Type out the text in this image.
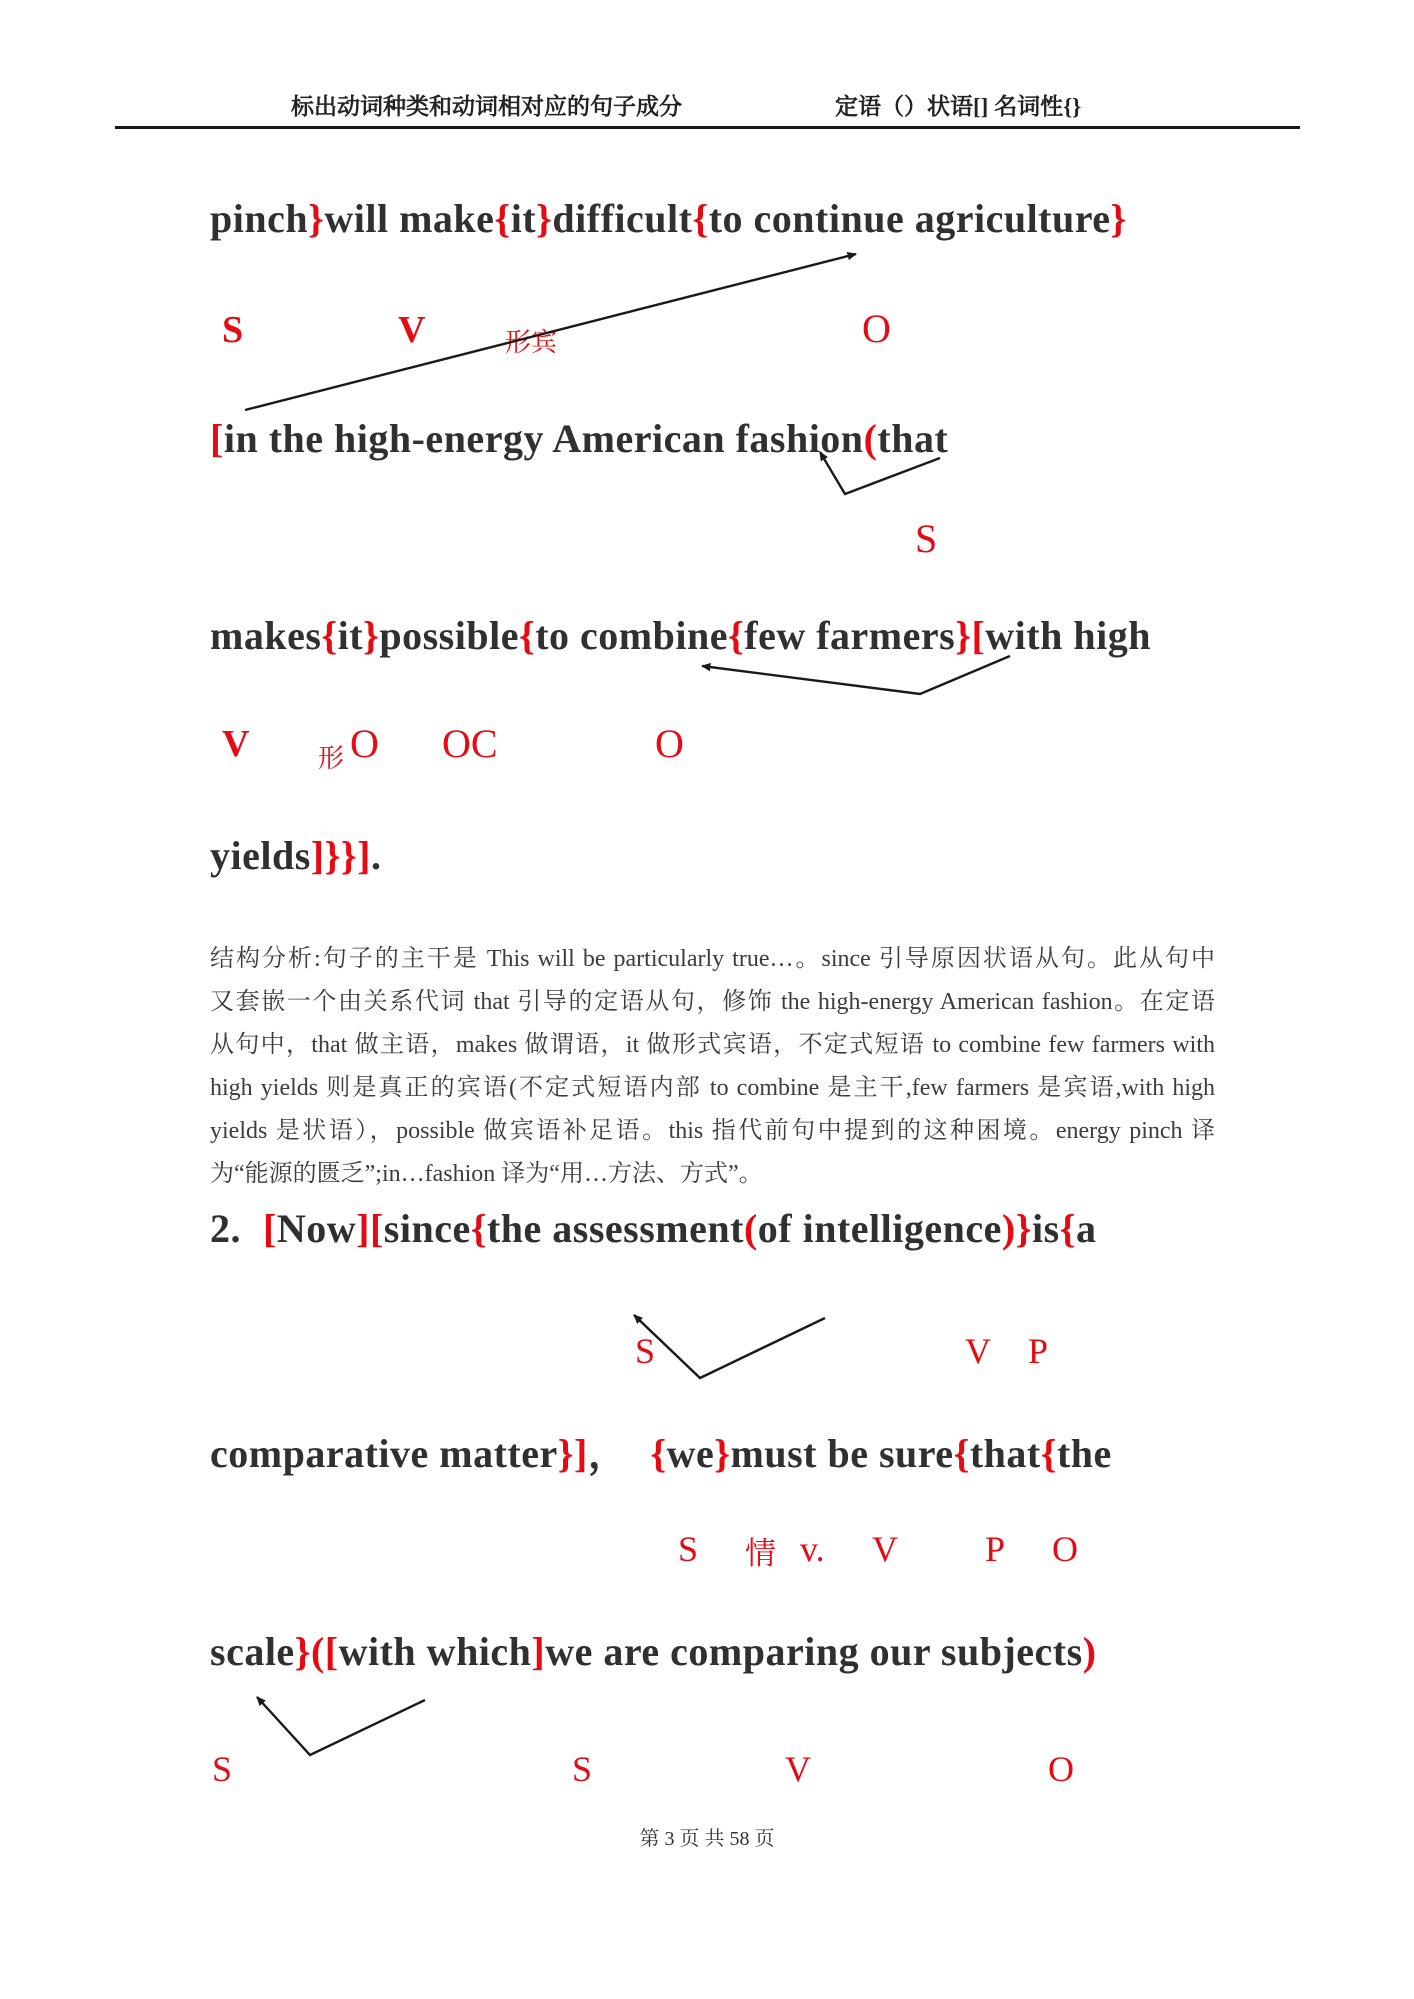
标出动词种类和动词相对应的句子成分	定语（）状语[] 名词性{}
pinch}will make{it}difficult{to continue agriculture}
S	V	形宾	O
[in the high-energy American fashion(that
S
makes{it}possible{to combine{few farmers}[with high
V	形 O OC	O
yields]}}].
结构分析:句子的主干是 This will be particularly true…。since 引导原因状语从句。此从句中
又套嵌一个由关系代词 that 引导的定语从句，修饰 the high-energy American fashion。在定语
从句中，that 做主语，makes 做谓语，it 做形式宾语，不定式短语 to combine few farmers with
high yields 则是真正的宾语(不定式短语内部 to combine 是主干,few farmers 是宾语,with high
yields 是状语），possible 做宾语补足语。this 指代前句中提到的这种困境。energy pinch 译
为“能源的匮乏”;in…fashion 译为“用…方法、方式”。
2. [Now][since{the assessment(of intelligence)}is{a
S	V P
comparative matter}]， {we}must be sure{that{the
S 情 v. V P O
scale}([with which]we are comparing our subjects)
S	S	V	O
第 3 页 共 58 页
